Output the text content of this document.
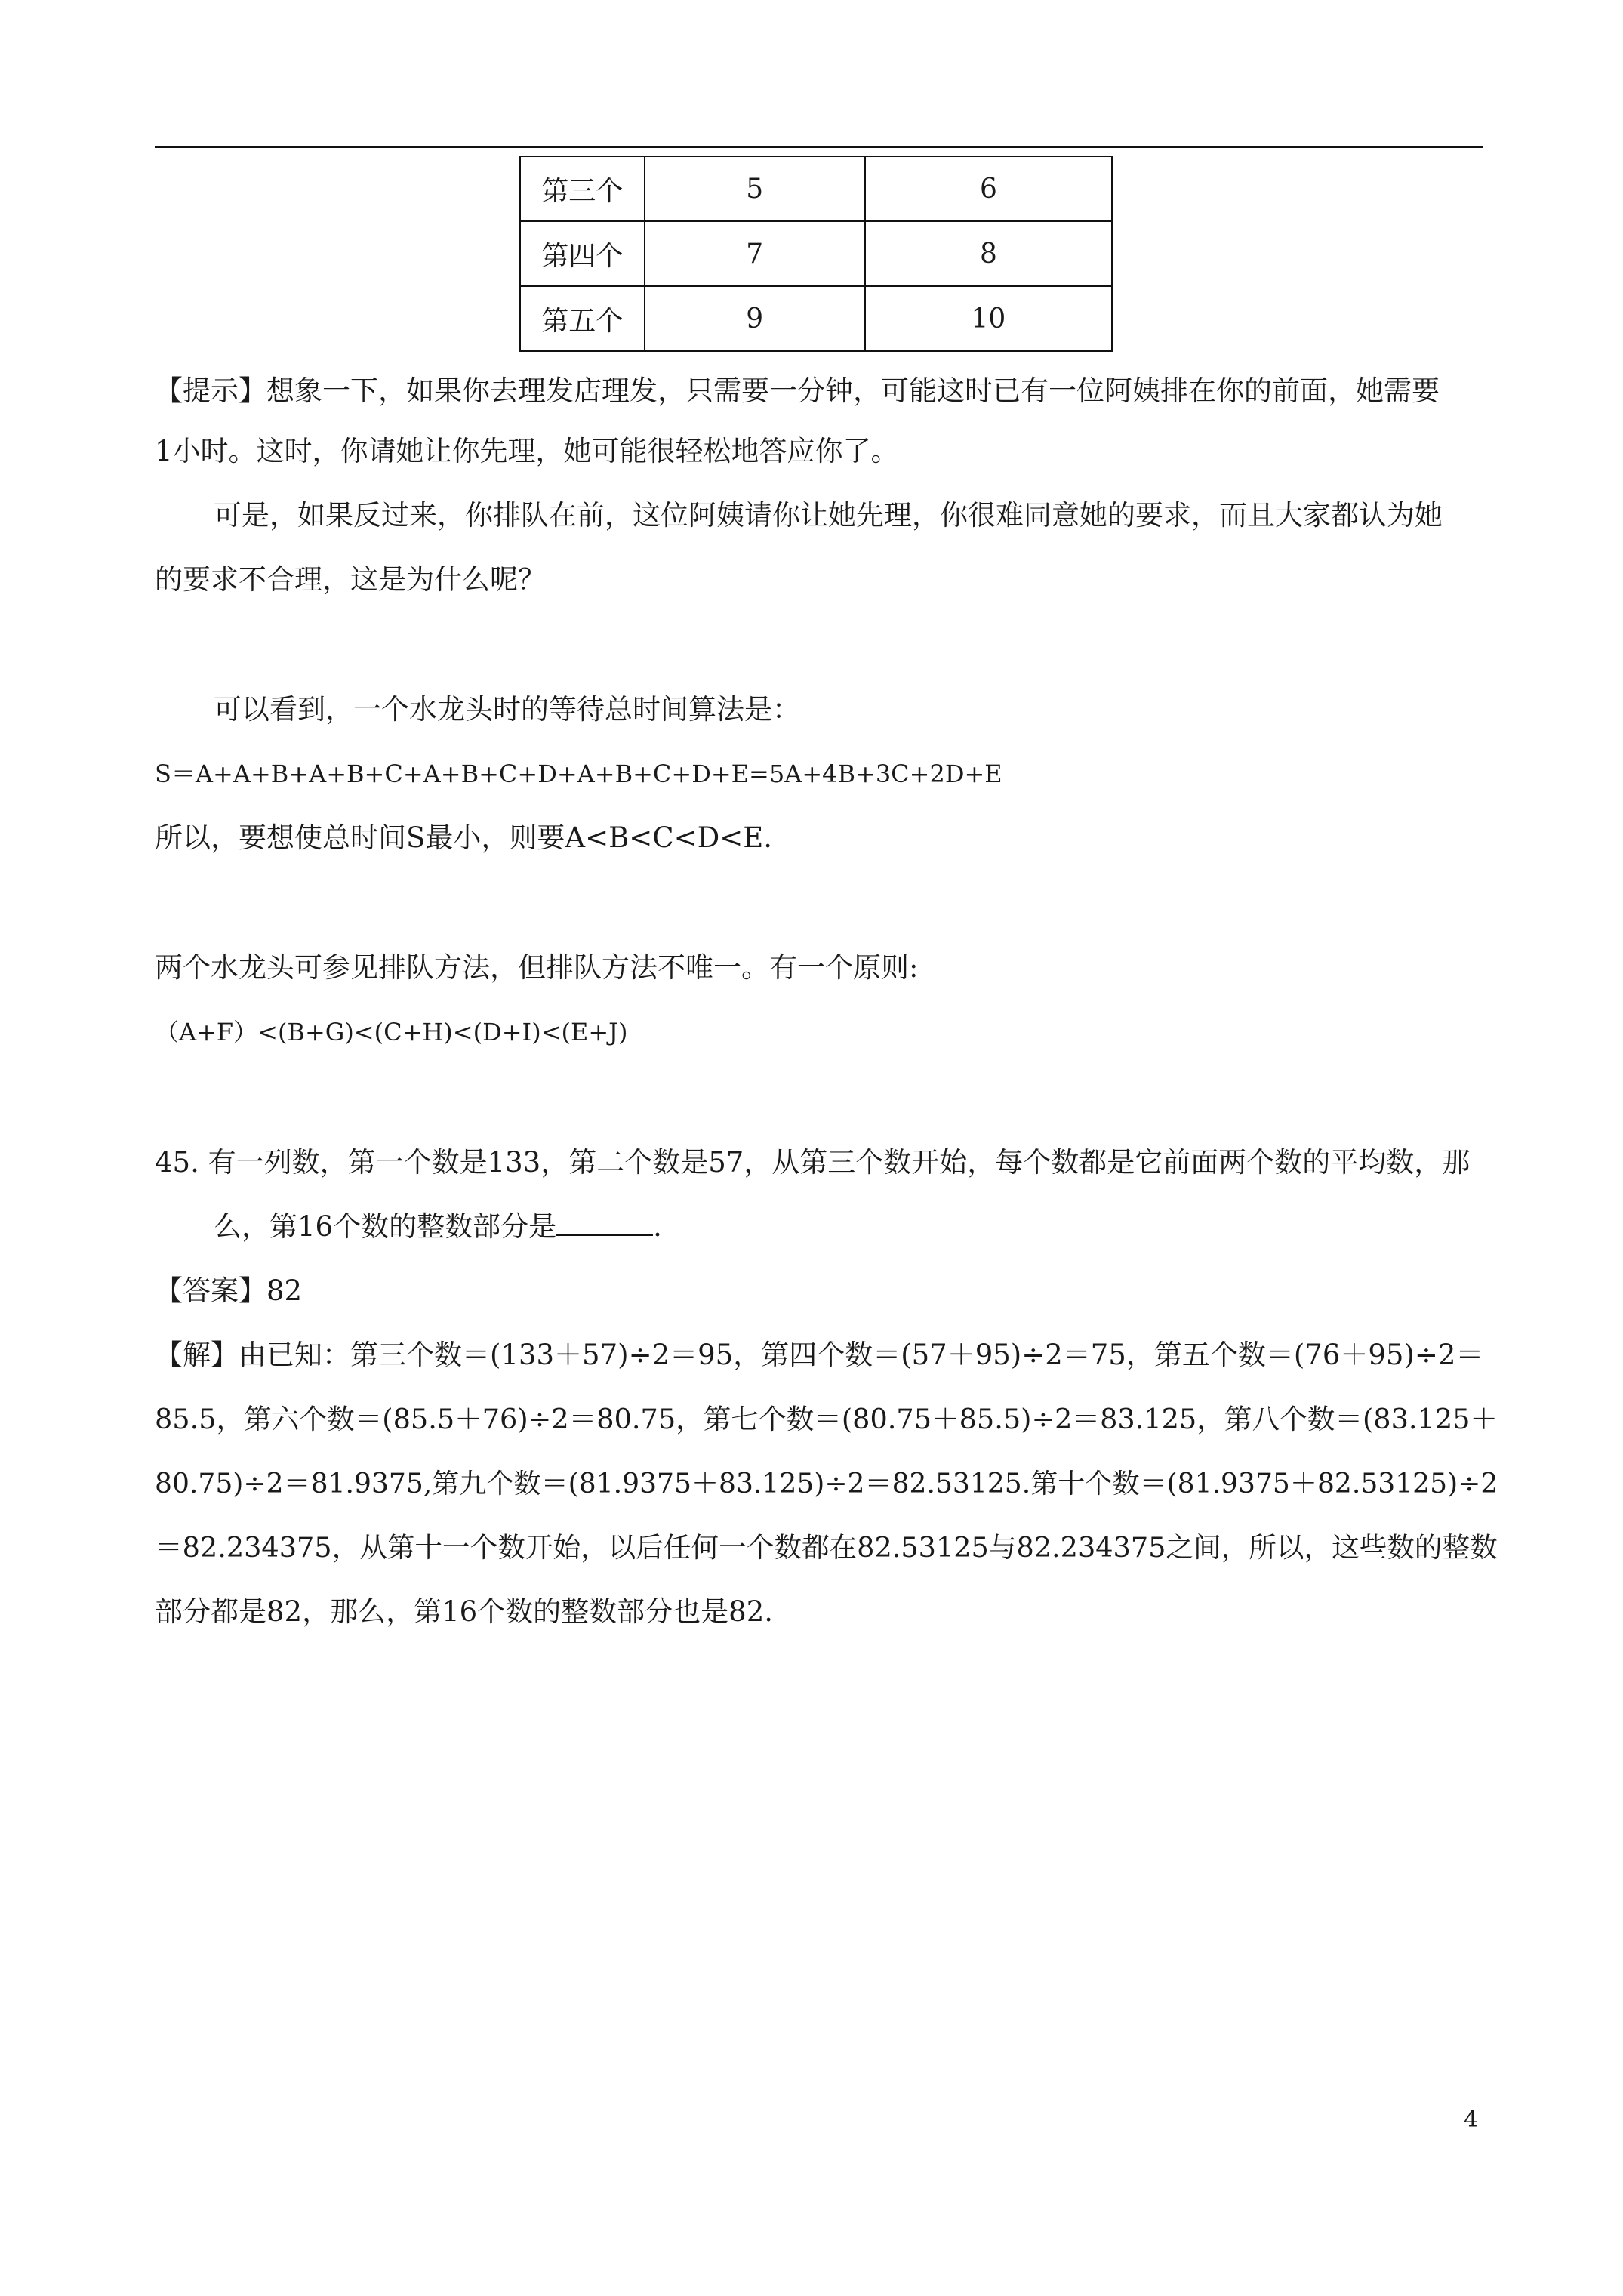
第三个	5	6
第四个	7	8
第五个	9	10
【提示】想象一下，如果你去理发店理发，只需要一分钟，可能这时已有一位阿姨排在你的前面，她需要
1小时。这时，你请她让你先理，她可能很轻松地答应你了。
可是，如果反过来，你排队在前，这位阿姨请你让她先理，你很难同意她的要求，而且大家都认为她
的要求不合理，这是为什么呢？
可以看到，一个水龙头时的等待总时间算法是：
S＝A+A+B+A+B+C+A+B+C+D+A+B+C+D+E=5A+4B+3C+2D+E
所以，要想使总时间S最小，则要A<B<C<D<E.
两个水龙头可参见排队方法，但排队方法不唯一。有一个原则:
（A+F）<(B+G)<(C+H)<(D+I)<(E+J)
45. 有一列数，第一个数是133，第二个数是57，从第三个数开始，每个数都是它前面两个数的平均数，那
么，第16个数的整数部分是	.
【答案】82
【解】由已知：第三个数＝(133＋57)÷2＝95，第四个数＝(57＋95)÷2＝75，第五个数＝(76＋95)÷2＝
85.5，第六个数＝(85.5＋76)÷2＝80.75，第七个数＝(80.75＋85.5)÷2＝83.125，第八个数＝(83.125＋
80.75)÷2＝81.9375,第九个数＝(81.9375＋83.125)÷2＝82.53125.第十个数＝(81.9375＋82.53125)÷2
＝82.234375，从第十一个数开始，以后任何一个数都在82.53125与82.234375之间，所以，这些数的整数
部分都是82，那么，第16个数的整数部分也是82.
4
